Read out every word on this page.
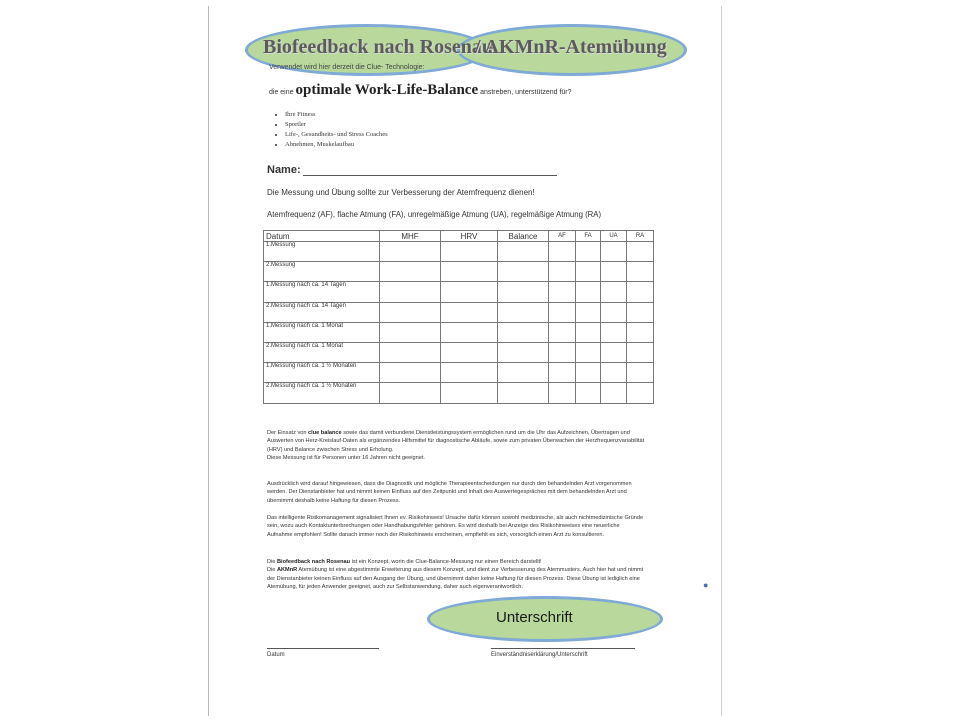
Biofeedback nach Rosenau
/ AKMnR-Atemübung
Verwendet wird hier derzeit die Clue- Technologie:
die eine optimale Work-Life-Balance anstreben, unterstützend für?
• Ihre Fitness
• Sportler
• Life-, Gesundheits- und Stress Coaches
• Abnehmen, Muskelaufbau
Name:
Die Messung und Übung sollte zur Verbesserung der Atemfrequenz dienen!
Atemfrequenz (AF), flache Atmung (FA), unregelmäßige Atmung (UA), regelmäßige Atmung (RA)
Datum	MHF	HRV	Balance	AF	FA	UA	RA
1.Messung							
2.Messung							
1.Messung nach ca. 14 Tagen							
2.Messung nach ca. 14 Tagen							
1.Messung nach ca. 1 Monat							
2.Messung nach ca. 1 Monat							
1.Messung nach ca. 1 ½ Monaten							
2.Messung nach ca. 1 ½ Monaten							
Der Einsatz von clue balance sowie das damit verbundene Dienstleistungssystem ermöglichen rund um die Uhr das Aufzeichnen, Übertragen und Auswerten von Herz-Kreislauf-Daten als ergänzendes Hilfsmittel für diagnostische Abläufe, sowie zum privaten Überwachen der Herzfrequenzvariabilität (HRV) und Balance zwischen Stress und Erholung.
Diese Messung ist für Personen unter 16 Jahren nicht geeignet.
Ausdrücklich wird darauf hingewiesen, dass die Diagnostik und mögliche Therapieentscheidungen nur durch den behandelnden Arzt vorgenommen werden. Der Dienstanbieter hat und nimmt keinen Einfluss auf den Zeitpunkt und Inhalt des Auswertegespräches mit dem behandelnden Arzt und übernimmt deshalb keine Haftung für diesen Prozess.
Das intelligente Risikomanagement signalisiert Ihnen ev. Risikohinweis! Ursache dafür können sowohl medizinische, als auch nichtmedizinische Gründe sein, wozu auch Kontaktunterbrechungen oder Handhabungsfehler gehören. Es wird deshalb bei Anzeige des Risikohinweises eine neuerliche Aufnahme empfohlen! Sollte danach immer noch der Risikohinweis erscheinen, empfiehlt es sich, vorsorglich einen Arzt zu konsultieren.
Die Biofeedback nach Rosenau ist ein Konzept, worin die Clue-Balance-Messung nur einen Bereich darstellt!
Die AKMnR Atemübung ist eine abgestimmte Erweiterung aus diesem Konzept, und dient zur Verbesserung des Atemmusters. Auch hier hat und nimmt der Dienstanbieter keinen Einfluss auf den Ausgang der Übung, und übernimmt daher keine Haftung für diesen Prozess. Diese Übung ist lediglich eine Atemübung, für jeden Anwender geeignet, auch zur Selbstanwendung, daher auch eigenverantwortlich.
Datum	Einverständniserklärung/Unterschrift
●
Unterschrift
